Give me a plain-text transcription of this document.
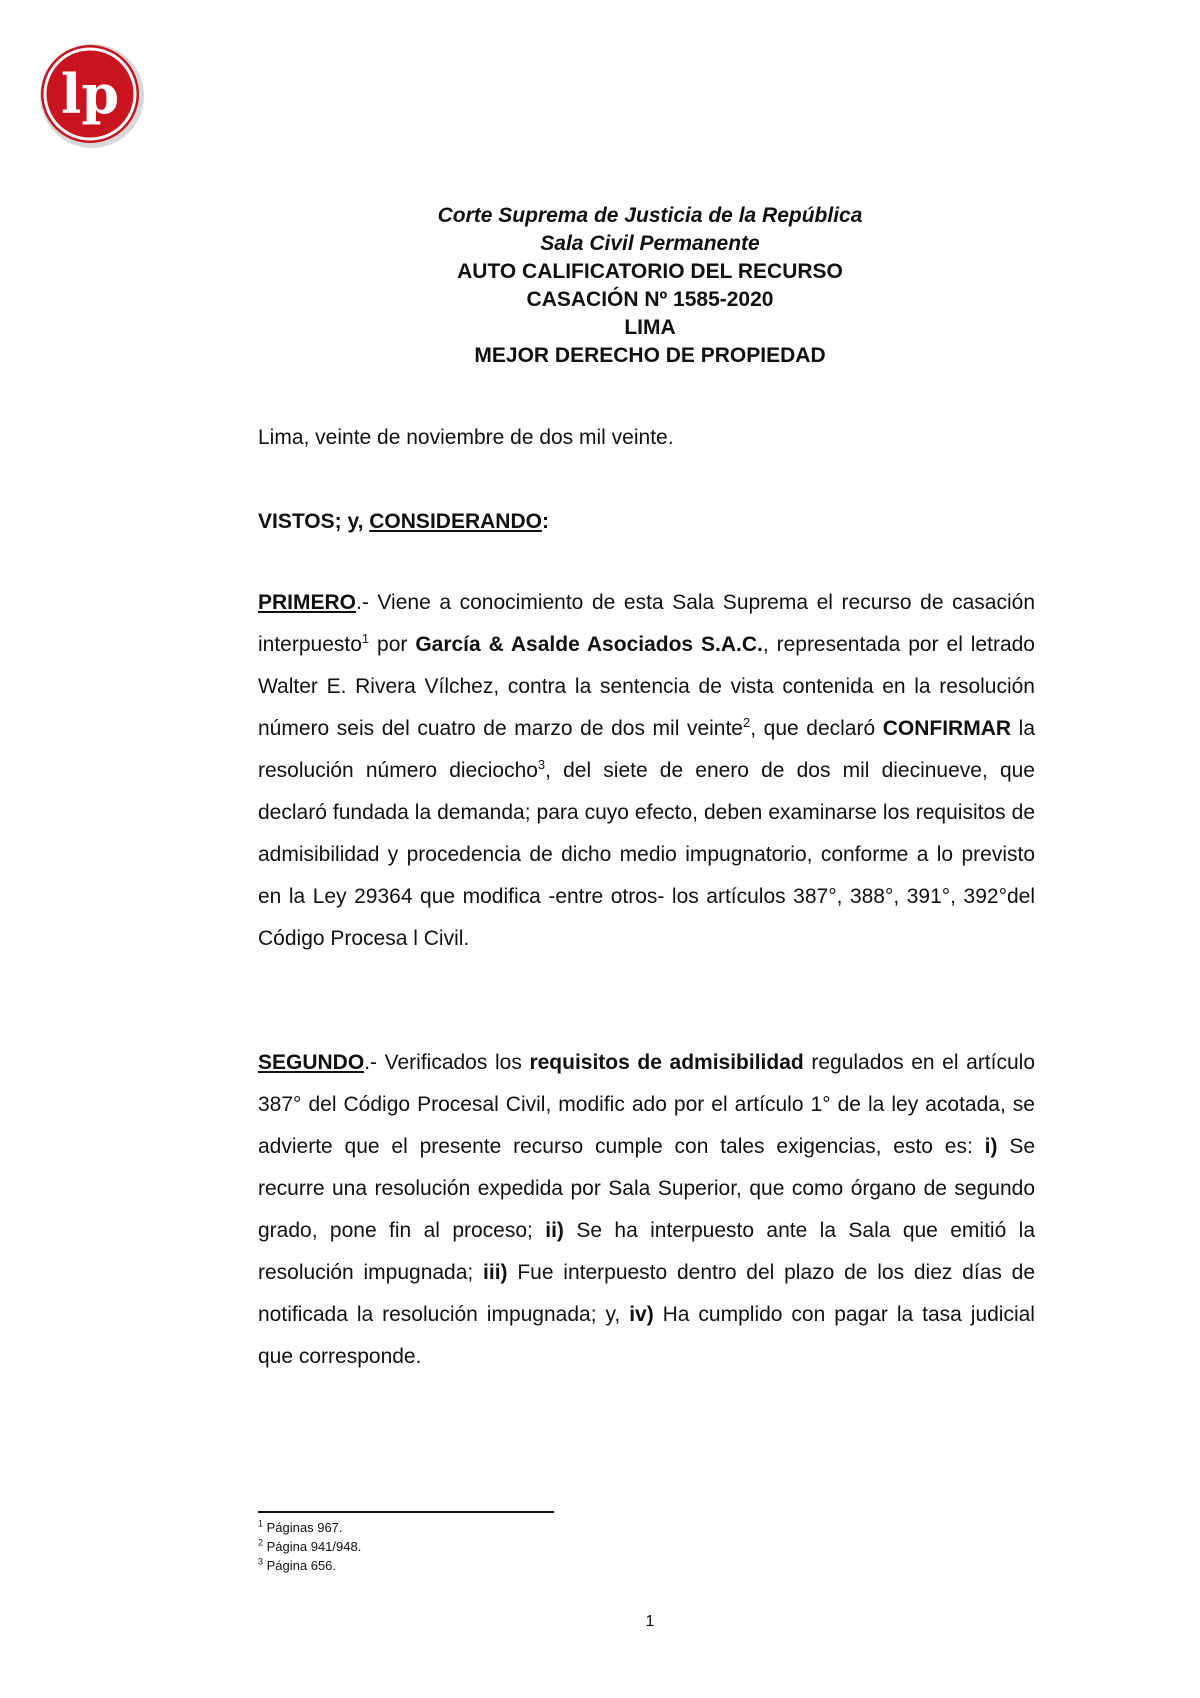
lp
Corte Suprema de Justicia de la República
Sala Civil Permanente
AUTO CALIFICATORIO DEL RECURSO
CASACIÓN Nº 1585-2020
LIMA
MEJOR DERECHO DE PROPIEDAD
Lima, veinte de noviembre de dos mil veinte.
VISTOS; y, CONSIDERANDO:
PRIMERO.- Viene a conocimiento de esta Sala Suprema el recurso de casación interpuesto$^1$ por García & Asalde Asociados S.A.C., representada por el letrado Walter E. Rivera Vílchez, contra la sentencia de vista contenida en la resolución número seis del cuatro de marzo de dos mil veinte$^2$, que declaró CONFIRMAR la resolución número dieciocho$^3$, del siete de enero de dos mil diecinueve, que declaró fundada la demanda; para cuyo efecto, deben examinarse los requisitos de admisibilidad y procedencia de dicho medio impugnatorio, conforme a lo previsto en la Ley 29364 que modifica -entre otros- los artículos 387°, 388°, 391°, 392°del Código Procesa l Civil.
SEGUNDO.- Verificados los requisitos de admisibilidad regulados en el artículo 387° del Código Procesal Civil, modific ado por el artículo 1° de la ley acotada, se advierte que el presente recurso cumple con tales exigencias, esto es: i) Se recurre una resolución expedida por Sala Superior, que como órgano de segundo grado, pone fin al proceso; ii) Se ha interpuesto ante la Sala que emitió la resolución impugnada; iii) Fue interpuesto dentro del plazo de los diez días de notificada la resolución impugnada; y, iv) Ha cumplido con pagar la tasa judicial que corresponde.
$^1$ Páginas 967.
$^2$ Página 941/948.
$^3$ Página 656.
1
